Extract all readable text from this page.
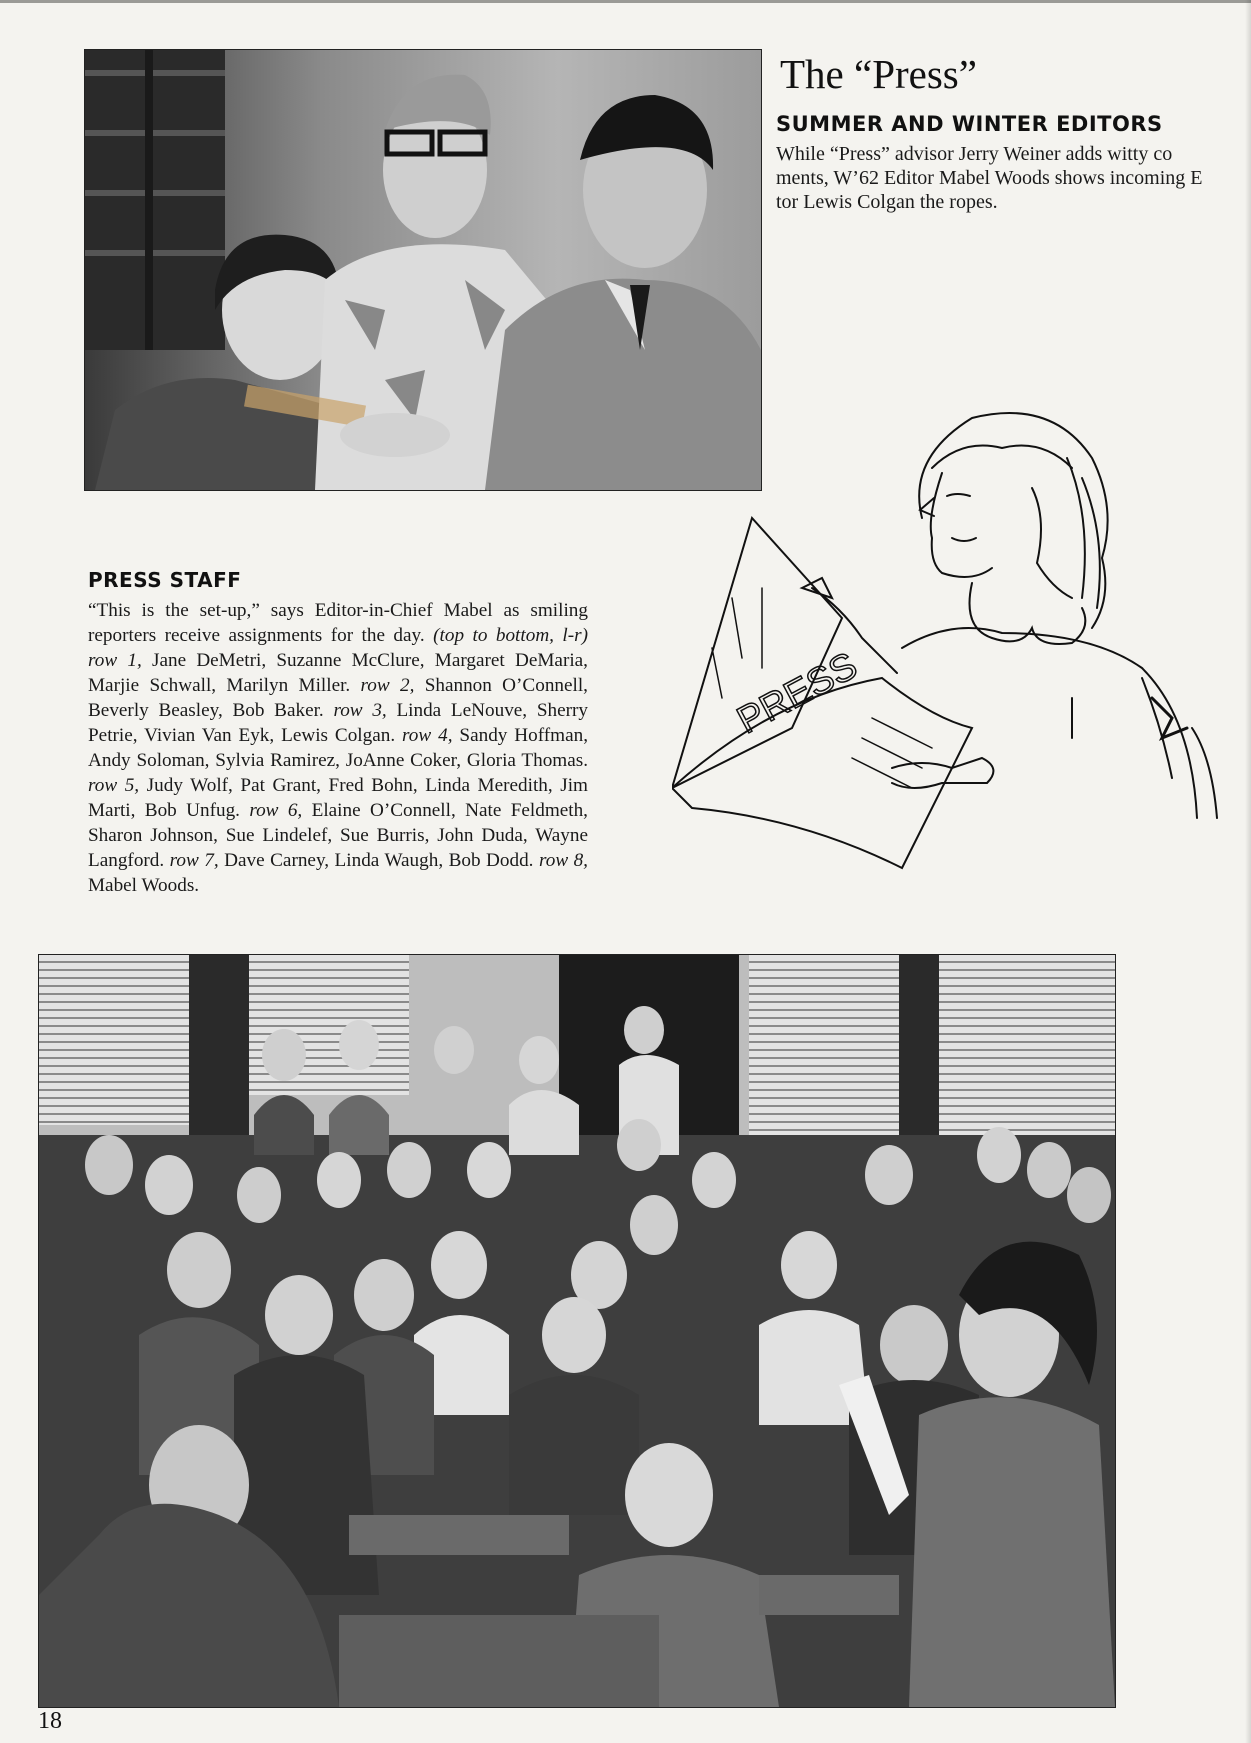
The “Press”
SUMMER AND WINTER EDITORS
While “Press” advisor Jerry Weiner adds witty co
ments, W’62 Editor Mabel Woods shows incoming E
tor Lewis Colgan the ropes.
PRESS STAFF
“This is the set-up,” says Editor-in-Chief Mabel as smiling reporters receive assignments for the day. (top to bottom, l-r) row 1, Jane DeMetri, Suzanne McClure, Margaret DeMaria, Marjie Schwall, Marilyn Miller. row 2, Shannon O’Connell, Beverly Beasley, Bob Baker. row 3, Linda LeNouve, Sherry Petrie, Vivian Van Eyk, Lewis Colgan. row 4, Sandy Hoffman, Andy Soloman, Sylvia Ramirez, JoAnne Coker, Gloria Thomas. row 5, Judy Wolf, Pat Grant, Fred Bohn, Linda Meredith, Jim Marti, Bob Unfug. row 6, Elaine O’Connell, Nate Feldmeth, Sharon Johnson, Sue Lindelef, Sue Burris, John Duda, Wayne Langford. row 7, Dave Carney, Linda Waugh, Bob Dodd. row 8, Mabel Woods.
PRESS
18
